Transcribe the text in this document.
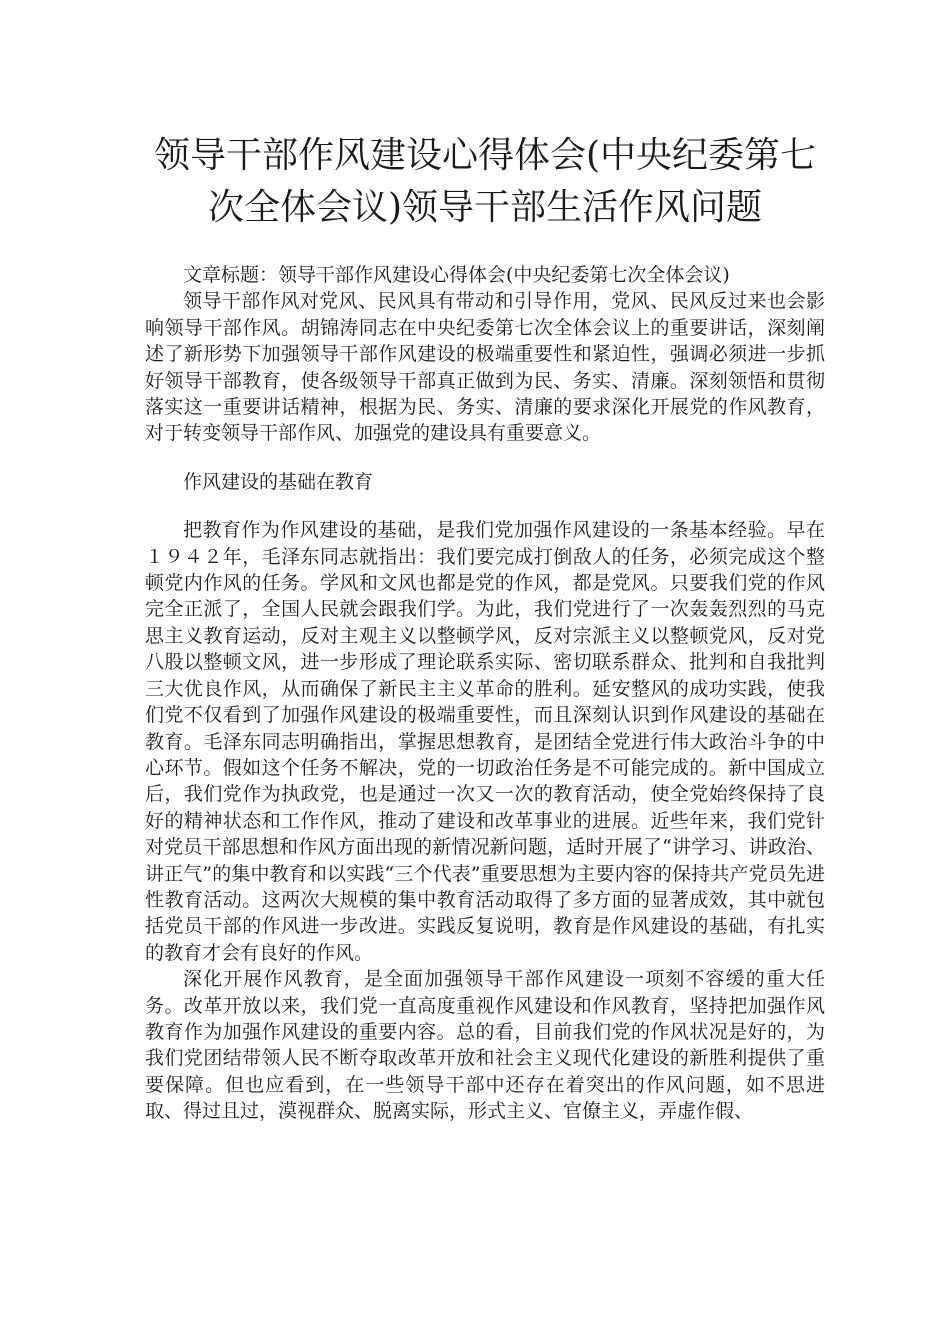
领导干部作风建设心得体会(中央纪委第七次全体会议)领导干部生活作风问题

文章标题：领导干部作风建设心得体会(中央纪委第七次全体会议)

领导干部作风对党风、民风具有带动和引导作用，党风、民风反过来也会影响领导干部作风。胡锦涛同志在中央纪委第七次全体会议上的重要讲话，深刻阐述了新形势下加强领导干部作风建设的极端重要性和紧迫性，强调必须进一步抓好领导干部教育，使各级领导干部真正做到为民、务实、清廉。深刻领悟和贯彻落实这一重要讲话精神，根据为民、务实、清廉的要求深化开展党的作风教育，对于转变领导干部作风、加强党的建设具有重要意义。

作风建设的基础在教育

把教育作为作风建设的基础，是我们党加强作风建设的一条基本经验。早在１９４２年，毛泽东同志就指出：我们要完成打倒敌人的任务，必须完成这个整顿党内作风的任务。学风和文风也都是党的作风，都是党风。只要我们党的作风完全正派了，全国人民就会跟我们学。为此，我们党进行了一次轰轰烈烈的马克思主义教育运动，反对主观主义以整顿学风，反对宗派主义以整顿党风，反对党八股以整顿文风，进一步形成了理论联系实际、密切联系群众、批判和自我批判三大优良作风，从而确保了新民主主义革命的胜利。延安整风的成功实践，使我们党不仅看到了加强作风建设的极端重要性，而且深刻认识到作风建设的基础在教育。毛泽东同志明确指出，掌握思想教育，是团结全党进行伟大政治斗争的中心环节。假如这个任务不解决，党的一切政治任务是不可能完成的。新中国成立后，我们党作为执政党，也是通过一次又一次的教育活动，使全党始终保持了良好的精神状态和工作作风，推动了建设和改革事业的进展。近些年来，我们党针对党员干部思想和作风方面出现的新情况新问题，适时开展了“讲学习、讲政治、讲正气”的集中教育和以实践“三个代表”重要思想为主要内容的保持共产党员先进性教育活动。这两次大规模的集中教育活动取得了多方面的显著成效，其中就包括党员干部的作风进一步改进。实践反复说明，教育是作风建设的基础，有扎实的教育才会有良好的作风。

深化开展作风教育，是全面加强领导干部作风建设一项刻不容缓的重大任务。改革开放以来，我们党一直高度重视作风建设和作风教育，坚持把加强作风教育作为加强作风建设的重要内容。总的看，目前我们党的作风状况是好的，为我们党团结带领人民不断夺取改革开放和社会主义现代化建设的新胜利提供了重要保障。但也应看到，在一些领导干部中还存在着突出的作风问题，如不思进取、得过且过，漠视群众、脱离实际，形式主义、官僚主义，弄虚作假、
